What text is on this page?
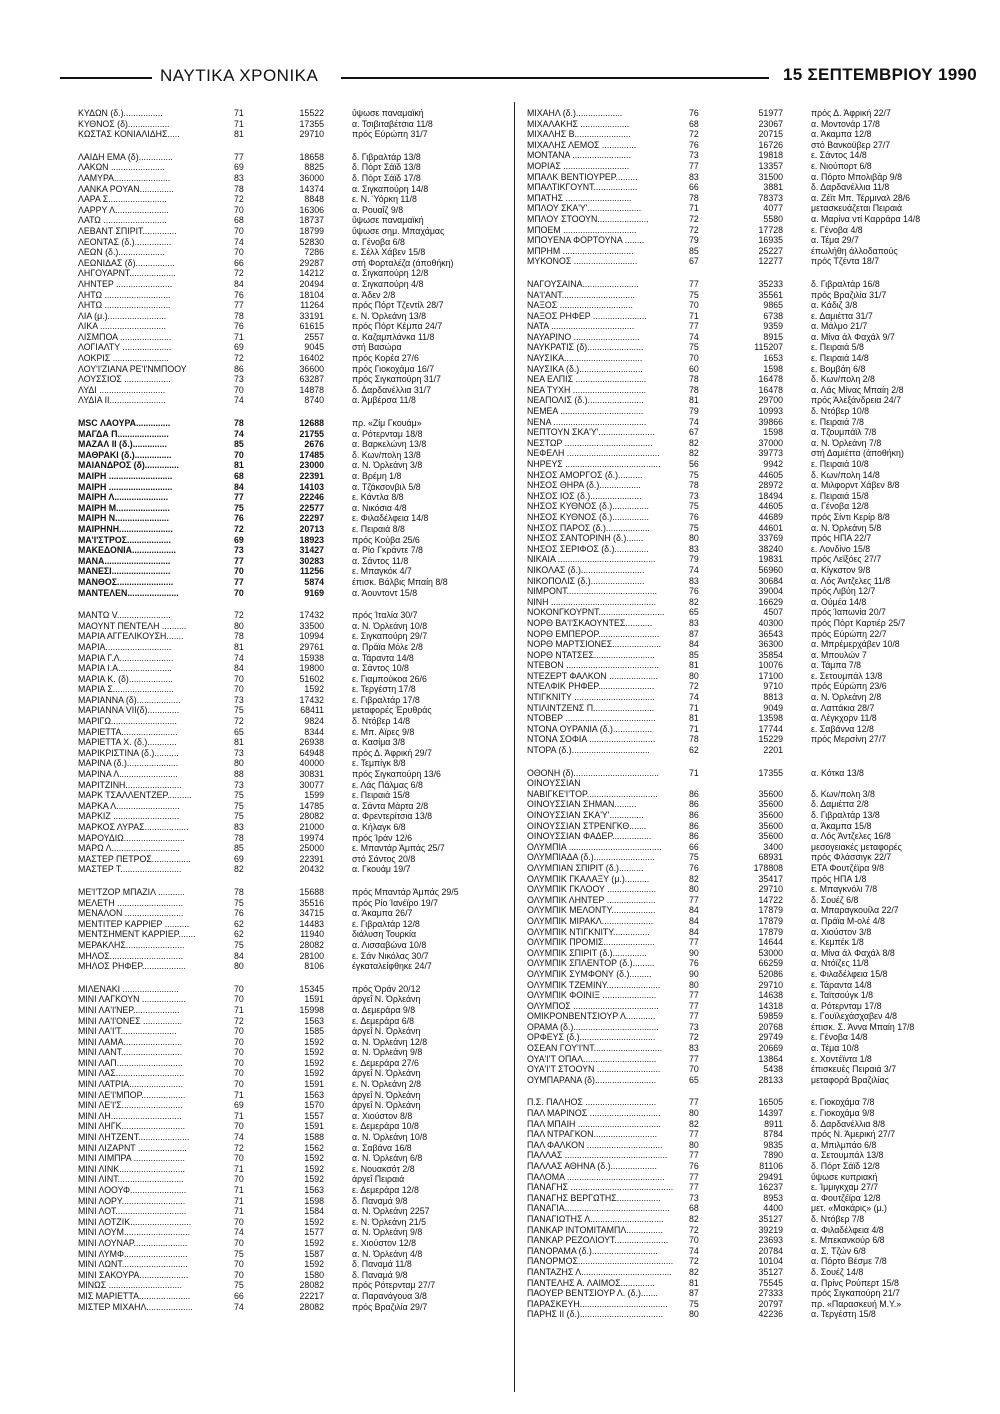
ΝΑΥΤΙΚΑ ΧΡΟΝΙΚΑ	15 ΣΕΠΤΕΜΒΡΙΟΥ 1990
ΚΥΔΩΝ (δ.)................	71	15522	ΰψωσε παναμαϊκή
ΚΥΘΝΟΣ (δ).................	71	17355	α. Τσιβιταβέτσια 11/8
ΚΩΣΤΑΣ ΚΟΝΙΑΛΙΔΗΣ.....	81	29710	πρός Εύρώπη 31/7
ΛΑΙΔΗ ΕΜΑ (δ)..............	77	18658	δ. Γιβραλτάρ 13/8
ΛΑΚΩΝ ......................	69	8825	δ. Πόρτ Σάϊδ 13/8
ΛΑΜΥΡΑ.......................	83	36000	δ. Πόρτ Σάϊδ 17/8
ΛΑΝΚΑ ΡΟΥΑΝ..............	78	14374	α. Σιγκαπούρη 14/8
ΛΑΡΑ Σ........................	72	8848	ε. Ν. Ύόρκη 11/8
ΛΑΡΡΥ Λ......................	70	16306	α. Ρουαΐζ 9/8
ΛΑΤΩ ..........................	68	18737	ΰψωσε παναμαϊκή
ΛΕΒΑΝΤ ΣΠΙΡΙΤ..............	70	18799	ΰψωσε σημ. Μπαχάμας
ΛΕΟΝΤΑΣ (δ.)...............	74	52830	α. Γένοβα 6/8
ΛΕΩΝ (δ.)...................	70	7286	ε. Σέλλ Χάβεν 15/8
ΛΕΩΝΙΔΑΣ (δ)................	66	29287	στή Φορταλέζα (άποθήκη)
ΛΗΓΟΥΑΡΝΤ...................	72	14212	α. Σιγκαπούρη 12/8
ΛΗΝΤΕΡ .......................	84	20494	α. Σιγκαπούρη 4/8
ΛΗΤΩ ...........................	76	18104	α. Άδεν 2/8
ΛΗΤΩ ...........................	77	11264	πρός Πόρτ Τζεντίλ 28/7
ΛΙΑ (μ.)........................	78	33191	ε. Ν. Όρλεάνη 13/8
ΛΙΚΑ ...........................	76	61615	πρός Πόρτ Κέμπα 24/7
ΛΙΣΜΠΟΑ .....................	71	2557	α. Καζαμπλάνκα 11/8
ΛΟΓΙΑΛΤΥ ....................	69	9045	στή Βασώρα
ΛΟΚΡΙΣ .......................	72	16402	πρός Κορέα 27/6
ΛΟΥ'Ι'ΖΙΑΝΑ ΡΕ'Ι'ΝΜΠΟΟΥ	86	36600	πρός Γιοκοχάμα 16/7
ΛΟΥΣΣΙΟΣ ...................	73	63287	πρός Σιγκαπούρη 31/7
ΛΥΔΙ ...........................	70	14878	δ. Δαρδανέλλια 31/7
ΛΥΔΙΑ ΙΙ.......................	74	8740	α. Άμβέρσα 11/8
MSC ΛΑΟΥΡΑ..............	78	12688	πρ. «Ζίμ Γκουάμ»
ΜΑΓΔΑ Π.....................	74	21755	α. Ρότερνταμ 18/8
ΜΑΖΑΛ ΙΙ (δ.)..............	85	2676	α. Βαρκελώνη 13/8
ΜΑΘΡΑΚΙ (δ.)...............	70	17485	δ. Κων/πολη 13/8
ΜΑΙΑΝΔΡΟΣ (δ)..............	81	23000	α. Ν. Όρλεάνη 3/8
ΜΑΙΡΗ ..........................	68	22391	α. Βρέμη 1/8
ΜΑΙΡΗ ..........................	84	14103	α. Τζάκσονβιλ 5/8
ΜΑΙΡΗ Λ......................	77	22246	ε. Κάντλα 8/8
ΜΑΙΡΗ Μ......................	75	22577	α. Νικόσια 4/8
ΜΑΙΡΗ Ν......................	76	22297	ε. Φιλαδέλφεια 14/8
ΜΑΙΡΗΝΗ......................	72	20713	ε. Πειραιά 8/8
ΜΑ'Ι'ΣΤΡΟΣ..................	69	18923	πρός Κούβα 25/6
ΜΑΚΕΔΟΝΙΑ..................	73	31427	α. Ρίο Γκράντε 7/8
ΜΑΝΑ...........................	77	30283	α. Σάντος 11/8
ΜΑΝΕΣΙ........................	70	11256	ε. Μπαγκόκ 4/7
ΜΑΝΘΟΣ.......................	77	5874	έπισκ. Βάλβις Μπαίη 8/8
ΜΑΝΤΕΛΕΝ.....................	70	9169	α. Άουντοντ 15/8
ΜΑΝΤΩ V......................	72	17432	πρός Ίταλία 30/7
ΜΑΟΥΝΤ ΠΕΝΤΕΛΗ ..........	80	33500	α. Ν. Όρλεάνη 10/8
ΜΑΡΙΑ ΑΓΓΕΛΙΚΟΥΣΗ.......	78	10994	ε. Σιγκαπούρη 29/7
ΜΑΡΙΑ...........................	81	29761	α. Πράϊα Μόλε 2/8
ΜΑΡΙΑ Γ.Λ......................	74	15938	α. Τάραντα 14/8
ΜΑΡΙΑ Ι.Α......................	84	19800	α. Σάντος 10/8
ΜΑΡΙΑ Κ. (δ)..................	70	51602	ε. Γιαμπούκοα 26/6
ΜΑΡΙΑ Σ.........................	70	1592	ε. Τεργέστη 17/8
ΜΑΡΙΑΝΝΑ (δ)..................	73	17432	ε. Γιβραλτάρ 17/8
ΜΑΡΙΑΝΝΑ VII(δ).............	75	68411	μεταφορές Έρυθράς
ΜΑΡΙΓΩ...........................	72	9824	δ. Ντόβερ 14/8
ΜΑΡΙΕΤΤΑ.......................	65	8344	ε. Μπ. Αϊρες 9/8
ΜΑΡΙΕΤΤΑ Χ. (δ.)............	81	26938	α. Κασίμα 3/8
ΜΑΡΙΚΡΙΣΤΙΝΑ (δ.)..........	73	64948	πρός Δ. Άφρική 29/7
ΜΑΡΙΝΑ (δ.).....................	80	40000	ε. Τεμπίγκ 8/8
ΜΑΡΙΝΑ Λ........................	88	30831	πρός Σιγκαπούρη 13/6
ΜΑΡΙΤΖΙΝΗ.......................	73	30077	ε. Λάς Πάλμας 6/8
ΜΑΡΚ ΤΣΑΛΛΕΝΤΖΕΡ..........	75	1599	ε. Πειραιά 15/8
ΜΑΡΚΑ Λ..........................	75	14785	α. Σάντα Μάρτα 2/8
ΜΑΡΚΙΖ ...........................	75	28082	α. Φρεντερίτσια 13/8
ΜΑΡΚΟΣ ΛΥΡΑΣ..................	83	21000	α. Κήλαγκ 6/8
ΜΑΡΟΥΔΙΩ.........................	78	19974	πρός Ίράν 12/6
ΜΑΡΩ Λ............................	85	25000	ε. Μπαντάρ Άμπάς 25/7
ΜΑΣΤΕΡ ΠΕΤΡΟΣ................	69	22391	στό Σάντος 20/8
ΜΑΣΤΕΡ Τ.........................	82	20432	α. Γκουάμ 19/7
ΜΕ'Ι'ΤΖΟΡ ΜΠΑΖΙΛ ...........	78	15688	πρός Μπαντάρ Άμπάς 29/5
ΜΕΛΕΤΗ ...........................	75	35516	πρός Ρίο Ίανέϊρο 19/7
ΜΕΝΑΛΟΝ ........................	76	34715	α. Άκαμπα 26/7
ΜΕΝΤΙΤΕΡ ΚΑΡΡΙΕΡ ..........	62	14483	ε. Γιβραλτάρ 12/8
ΜΕΝΤΣΗΜΕΝΤ ΚΑΡΡΙΕΡ.......	62	11940	διάλυση Τουρκία
ΜΕΡΑΚΛΗΣ........................	75	28082	α. Λισσαβώνα 10/8
ΜΗΛΟΣ..............................	84	28100	ε. Σάν Νικόλας 30/7
ΜΗΛΟΣ ΡΗΦΕΡ..................	80	8106	έγκαταλείφθηκε 24/7
ΜΙΛΕΝΑΚΙ .......................	70	15345	πρός Όράν 20/12
ΜΙΝΙ ΛΑΓΚΟΥΝ ..................	70	1591	άργεΐ Ν. Όρλεάνη
ΜΙΝΙ ΛΑ'Ι'ΝΕΡ...................	71	15998	α. Δεμεράρα 9/8
ΜΙΝΙ ΛΑ'Ι'ΟΝΕΣ ................	72	1563	ε. Δεμεράρα 6/8
ΜΙΝΙ ΛΑ'Ι'Τ.......................	70	1585	άργεΐ Ν. Όρλεάνη
ΜΙΝΙ ΛΑΜΑ........................	70	1592	α. Ν. Όρλεάνη 12/8
ΜΙΝΙ ΛΑΝΤ.........................	70	1592	α. Ν. Όρλεάνη 9/8
ΜΙΝΙ ΛΑΠ...........................	70	1592	ε. Δεμεράρα 27/6
ΜΙΝΙ ΛΑΣ............................	70	1592	άργεΐ Ν. Όρλεάνη
ΜΙΝΙ ΛΑΤΡΙΑ......................	70	1591	ε. Ν. Όρλεάνη 2/8
ΜΙΝΙ ΛΕ'Ι'ΜΠΟΡ..................	71	1563	άργεΐ Ν. Όρλεάνη
ΜΙΝΙ ΛΕ'Ι'Σ.........................	69	1570	άργεΐ Ν. Όρλεάνη
ΜΙΝΙ ΛΗ.............................	71	1557	α. Χιούστον 8/8
ΜΙΝΙ ΛΗΓΚ..........................	70	1591	ε. Δεμεράρα 10/8
ΜΙΝΙ ΛΗΤΖΕΝΤ.....................	74	1588	α. Ν. Όρλεάνη 10/8
ΜΙΝΙ ΛΙΖΑΡΝΤ ....................	72	1562	α. Σαβάνα 16/8
ΜΙΝΙ ΛΙΜΠΡΑ .....................	70	1592	α. Ν. Όρλεάνη 6/8
ΜΙΝΙ ΛΙΝΚ...........................	71	1592	ε. Νουακσότ 2/8
ΜΙΝΙ ΛΙΝΤ...........................	70	1592	άργεΐ Πειραιά
ΜΙΝΙ ΛΟΟΥΦ.......................	71	1563	ε. Δεμεράρα 12/8
ΜΙΝΙ ΛΟΡΥ..........................	71	1598	δ. Παναμά 9/8
ΜΙΝΙ ΛΟΤ.............................	71	1584	α. Ν. Όρλεάνη 2257
ΜΙΝΙ ΛΟΤΖΙΚ.........................	70	1592	ε. Ν. Όρλεάνη 21/5
ΜΙΝΙ ΛΟΥΜ...........................	74	1577	α. Ν. Όρλεάνη 9/8
ΜΙΝΙ ΛΟΥΝΑΡ......................	70	1592	ε. Χιούστον 12/8
ΜΙΝΙ ΛΥΜΦ..........................	75	1587	α. Ν. Όρλεάνη 4/8
ΜΙΝΙ ΛΩΝΤ...........................	70	1592	δ. Παναμά 11/8
ΜΙΝΙ ΣΑΚΟΥΡΑ....................	70	1580	δ. Παναμά 9/8
ΜΙΝΩΣ ..............................	75	28082	πρός Ρότερνταμ 27/7
ΜΙΣ ΜΑΡΙΕΤΤΑ.....................	66	22217	α. Παρανάγουα 3/8
ΜΙΣΤΕΡ ΜΙΧΑΗΛ...................	74	28082	πρός Βραζιλία 29/7
ΜΙΧΑΗΛ (δ.)...................	76	51977	πρός Δ. Άφρική 22/7
ΜΙΧΑΛΑΚΗΣ ....................	68	23067	α. Μοντονάρ 17/8
ΜΙΧΑΛΗΣ Β.......................	72	20715	α. Άκαμπα 12/8
ΜΙΧΑΛΗΣ ΛΕΜΟΣ ..............	76	16726	στό Βανκοϋβερ 27/7
ΜΟΝΤΑΝΑ ........................	73	19818	ε. Σάντος 14/8
ΜΟΡΙΑΣ ...........................	77	13357	ε. Νιούπορτ 6/8
ΜΠΑΛΚ ΒΕΝΤΙΟΥΡΕΡ.........	83	31500	α. Πόρτο Μπολιβάρ 9/8
ΜΠΑΛΤΙΚΓΟΥΝΤ..................	66	3881	δ. Δαρδανέλλια 11/8
ΜΠΑΤΗΣ ...........................	78	78373	α. Ζέϊτ Μπ. Τέρμιναλ 28/6
ΜΠΛΟΥ ΣΚΑ'Υ'......................	71	4077	μετασκευάζεται Πειραιά
ΜΠΛΟΥ ΣΤΟΟΥΝ.....................	72	5580	α. Μαρίνα ντί Καρράρα 14/8
ΜΠΟΕΜ ..............................	72	17728	ε. Γένοβα 4/8
ΜΠΟΥΕΝΑ ΦΟΡΤΟΥΝΑ ........	79	16935	α. Τέμα 29/7
ΜΠΡΗΜ .............................	85	25227	έπωλήθη άλλοδαπούς
ΜΥΚΟΝΟΣ ..........................	67	12277	πρός Τζέντα 18/7
ΝΑΓΟΥΣΑΙΝΑ.......................	77	35233	δ. Γιβραλτάρ 16/8
ΝΑ'Ι'ΑΝΤ..............................	75	35561	πρός Βραζιλία 31/7
ΝΑΞΟΣ ..............................	70	9865	α. Κάδιζ 3/8
ΝΑΞΟΣ ΡΗΦΕΡ ......................	71	6738	ε. Δαμιέττα 31/7
ΝΑΤΑ ..................................	77	9359	α. Μάλμο 21/7
ΝΑΥΑΡΙΝΟ ...........................	74	8915	α. Μίνα άλ Φαχάλ 9/7
ΝΑΥΚΡΑΤΙΣ (δ).......................	75	115207	ε. Πειραιά 5/8
ΝΑΥΣΙΚΑ................................	70	1653	ε. Πειραιά 14/8
ΝΑΥΣΙΚΑ (δ.)..........................	60	1598	ε. Βομβάη 6/8
ΝΕΑ ΕΛΠΙΣ .............................	78	16478	δ. Κων/πολη 2/8
ΝΕΑ ΤΥΧΗ ..............................	78	16478	α. Λάς Μίνας Μπαίη 2/8
ΝΕΑΠΟΛΙΣ (δ.).......................	81	29700	πρός Άλεξάνδρεια 24/7
ΝΕΜΕΑ ..................................	79	10993	δ. Ντόβερ 10/8
ΝΕΝΑ ......................................	74	39866	ε. Πειραιά 7/8
ΝΕΠΤΟΥΝ ΣΚΑ'Υ'.......................	67	1598	α. Τζουμπάϊλ 7/8
ΝΕΣΤΩΡ ....................................	82	37000	α. Ν. Όρλεάνη 7/8
ΝΕΦΕΛΗ ......................................	82	39773	στή Δαμιέττα (άποθήκη)
ΝΗΡΕΥΣ .......................................	56	9942	ε. Πειραιά 10/8
ΝΗΣΟΣ ΑΜΟΡΓΟΣ (δ.)..........	75	44605	δ. Κων/πολη 14/8
ΝΗΣΟΣ ΘΗΡΑ (δ.).................	78	28972	α. Μιλφορντ Χάβεν 8/8
ΝΗΣΟΣ ΙΟΣ (δ.).....................	73	18494	ε. Πειραιά 15/8
ΝΗΣΟΣ ΚΥΘΝΟΣ (δ.)...............	75	44605	α. Γένοβα 12/8
ΝΗΣΟΣ ΚΥΘΝΟΣ (δ.)...............	76	44689	πρός Σίντι Κερίρ 8/8
ΝΗΣΟΣ ΠΑΡΟΣ (δ.)..................	75	44601	α. Ν. Όρλεάνη 5/8
ΝΗΣΟΣ ΣΑΝΤΟΡΙΝΗ (δ.).......	80	33769	πρός ΗΠΑ 22/7
ΝΗΣΟΣ ΣΕΡΙΦΟΣ (δ.)..............	83	38240	ε. Λονδίνο 15/8
ΝΙΚΑΙΑ ........................................	79	19831	πρός Λεϊξόες 27/7
ΝΙΚΟΛΑΣ (δ.)..........................	74	56960	α. Κίγκστον 9/8
ΝΙΚΟΠΟΛΙΣ (δ.)......................	83	30684	α. Λός Άντζελες 11/8
ΝΙΜΡΟΝΤ.....................................	76	39004	πρός Λιβύη 12/7
ΝΙΝΗ ...........................................	82	16629	α. Ούμέα 14/8
ΝΟΚΟΝΓΚΟΥΡΝΤ...........................	65	4507	πρός Ίαπωνία 20/7
ΝΟΡΘ ΒΑ'Ι'ΣΚΑΟΥΝΤΕΣ...........	83	40300	πρός Πόρτ Καρτιέρ 25/7
ΝΟΡΘ ΕΜΠΕΡΟΡ.........................	87	36543	πρός Εύρώπη 22/7
ΝΟΡΘ ΜΑΡΤΣΙΟΝΕΣ....................	84	36300	α. Μπρέμερχάβεν 10/8
ΝΟΡΘ ΝΤΑΤΣΕΣ.........................	85	35854	α. Μπουλών 7
ΝΤΕΒΟΝ ......................................	81	10076	α. Τάμπα 7/8
ΝΤΕΖΕΡΤ ΦΑΛΚΟΝ ....................	80	17100	ε. Σετουμπάλ 13/8
ΝΤΕΛΦΙΚ ΡΗΦΕΡ.......................	72	9710	πρός Εύρώπη 23/6
ΝΤΙΓΚΝΙΤΥ .................................	74	8813	α. Ν. Όρλεάνη 2/8
ΝΤΙΛΙΝΤΖΕΝΣ Π.........................	71	9049	α. Λαττάκια 28/7
ΝΤΟΒΕΡ .....................................	81	13598	α. Λέγκχορν 11/8
ΝΤΟΝΑ ΟΥΡΑΝΙΑ (δ.)................	71	17744	ε. Σαβάννα 12/8
ΝΤΟΝΑ ΣΟΦΙΑ ...........................	78	15229	πρός Μερσίνη 27/7
ΝΤΟΡΑ (δ.)................................	62	2201
ΟΘΟΝΗ (δ)...................................	71	17355	α. Κότκα 13/8
ΟΙΝΟΥΣΣΙΑΝ
ΝΑΒΙΓΚΕ'Ι'ΤΟΡ.............................	86	35600	δ. Κων/πολη 3/8
ΟΙΝΟΥΣΣΙΑΝ ΣΗΜΑΝ.........	86	35600	δ. Δαμιέττα 2/8
ΟΙΝΟΥΣΣΙΑΝ ΣΚΑ'Υ'..............	86	35600	δ. Γιβραλτάρ 13/8
ΟΙΝΟΥΣΣΙΑΝ ΣΤΡΕΝΓΚΘ.......	86	35600	α. Άκαμπα 15/8
ΟΙΝΟΥΣΣΙΑΝ ΦΑΔΕΡ................	86	35600	α. Λός Άντζελες 16/8
ΟΛΥΜΠΙΑ ......................................	66	3400	μεσογειακές μεταφορές
ΟΛΥΜΠΙΑΔΑ (δ.).........................	75	68931	πρός Φλάσσιγκ 22/7
ΟΛΥΜΠΙΑΝ ΣΠΙΡΙΤ (δ.)..........	76	178808	ΕΤΑ Φουτζέϊρα 9/8
ΟΛΥΜΠΙΚ ΓΚΑΛΑΞΥ (μ.)..........	82	35417	πρός ΗΠΑ 1/8
ΟΛΥΜΠΙΚ ΓΚΛΟΟΥ ....................	80	29710	ε. Μπαγκνόλι 7/8
ΟΛΥΜΠΙΚ ΛΗΝΤΕΡ ....................	77	14722	δ. Σουέζ 6/8
ΟΛΥΜΠΙΚ ΜΕΛΟΝΤΥ..................	84	17879	α. Μπαραγκουίλα 22/7
ΟΛΥΜΠΙΚ ΜΙΡΑΚΛ.....................	84	17879	α. Πράϊα Μ-ολέ 4/8
ΟΛΥΜΠΙΚ ΝΤΙΓΚΝΙΤΥ...............	84	17879	α. Χιούστον 3/8
ΟΛΥΜΠΙΚ ΠΡΟΜΙΣ.....................	77	14644	ε. Κεμπέκ 1/8
ΟΛΥΜΠΙΚ ΣΠΙΡΙΤ (δ.)..............	90	53000	α. Μίνα άλ Φαχάλ 8/8
ΟΛΥΜΠΙΚ ΣΠΛΕΝΤΟΡ (δ.).........	76	66259	α. Ντόϊζες 11/8
ΟΛΥΜΠΙΚ ΣΥΜΦΟΝΥ (δ.).........	90	52086	ε. Φιλαδέλφεια 15/8
ΟΛΥΜΠΙΚ ΤΖΕΜΙΝΥ......................	80	29710	ε. Τάραντα 14/8
ΟΛΥΜΠΙΚ ΦΟΙΝΙΞ ......................	77	14638	ε. Ταϊτσούγκ 1/8
ΟΛΥΜΠΟΣ ...................................	77	14318	α. Ρότερνταμ 17/8
ΟΜΙΚΡΟΝΒΕΝΤΣΙΟΥΡ Λ............	77	59859	ε. Γουϊλεχάσχαβεν 4/8
ΟΡΑΜΑ (δ.)...................................	73	20768	έπισκ. Σ. Άννα Μπαίη 17/8
ΟΡΦΕΥΣ (δ.)...............................	72	29749	ε. Γένοβα 14/8
ΟΣΕΑΝ ΓΟΥ'Ι'ΝΤ............................	83	20669	α. Τέμα 10/8
ΟΥΑ'Ι'Τ ΟΠΑΛ..............................	77	13864	ε. Χοντέϊντα 1/8
ΟΥΑ'Ι'Τ ΣΤΟΟΥΝ ..........................	70	5438	έπισκευές Πειραιά 3/7
ΟΥΜΠΑΡΑΝΑ (δ).........................	65	28133	μεταφορά Βραζιλίας
Π.Σ. ΠΑΛΗΟΣ .............................	77	16505	ε. Γιοκοχάμα 7/8
ΠΑΛ ΜΑΡΙΝΟΣ .............................	80	14397	ε. Γιοκοχάμα 9/8
ΠΑΛ ΜΠΑΙΗ ..................................	82	8911	δ. Δαρδανέλλια 8/8
ΠΑΛ ΝΤΡΑΓΚΟΝ..........................	77	8784	πρός Ν. Άμερική 27/7
ΠΑΛ ΦΑΛΚΟΝ ...............................	80	9835	α. Μπιλμπάο 6/8
ΠΑΛΛΑΣ ..........................................	77	7890	α. Σετουμπάλ 13/8
ΠΑΛΛΑΣ ΑΘΗΝΑ (δ.)...................	76	81106	δ. Πόρτ Σάϊδ 12/8
ΠΑΛΟΜΑ ........................................	77	29491	ΰψωσε κυπριακή
ΠΑΝΑΓΗΣ ..........................................	77	16237	ε. Ίμμιγκχαμ 27/7
ΠΑΝΑΓΗΣ ΒΕΡΓΩΤΗΣ..................	73	8953	α. Φουτζέϊρα 12/8
ΠΑΝΑΓΙΑ...........................................	68	4400	μετ. «Μακάρις» (μ.)
ΠΑΝΑΓΙΩΤΗΣ Λ..............................	82	35127	δ. Ντόβερ 7/8
ΠΑΝΚΑΡ ΙΝΤΟΜΙΤΑΜΠΛ...............	72	39219	α. Φιλαδέλφεια 4/8
ΠΑΝΚΑΡ ΡΕΖΟΛΙΟΥΤ......................	70	23693	ε. Μπεκανκούρ 6/8
ΠΑΝΟΡΑΜΑ (δ.)...........................	74	20784	α. Σ. Τζών 6/8
ΠΑΝΟΡΜΟΣ.......................................	72	10104	α. Πόρτο Βέσμε 7/8
ΠΑΝΤΑΖΗΣ Λ.....................................	82	35127	δ. Σουέζ 14/8
ΠΑΝΤΕΛΗΣ Α. ΛΑΙΜΟΣ..............	81	75545	α. Πρίνς Ρούπερτ 15/8
ΠΑΟΥΕΡ ΒΕΝΤΣΙΟΥΡ Λ. (δ.).......	87	27333	πρός Σιγκαπούρη 21/7
ΠΑΡΑΣΚΕΥΗ....................................	75	20797	πρ. «Παρασκευή Μ.Υ.»
ΠΑΡΗΣ ΙΙ (δ.)..................................	80	42236	α. Τεργέστη 15/8
